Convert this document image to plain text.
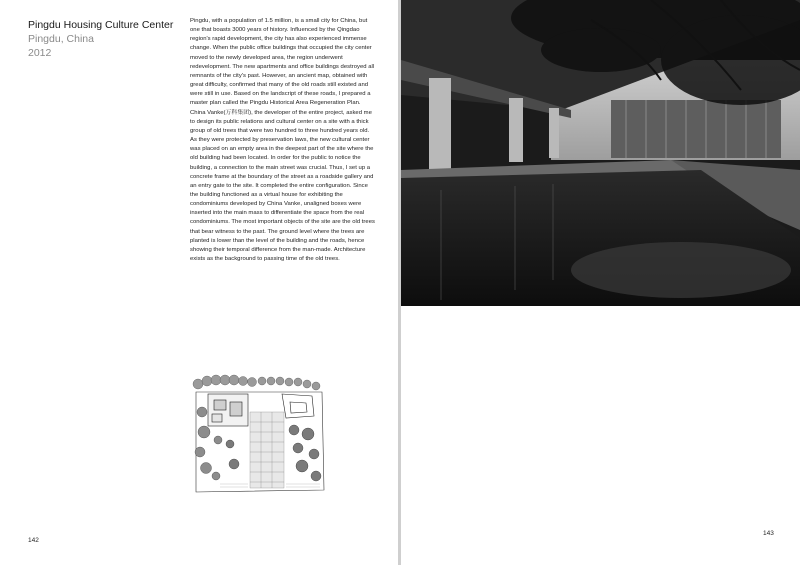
Pingdu Housing Culture Center
Pingdu, China
2012

Pingdu, with a population of 1.5 million, is a small city for China, but one that boasts 3000 years of history. Influenced by the Qingdao region's rapid development, the city has also experienced immense change. When the public office buildings that occupied the city center moved to the newly developed area, the region underwent redevelopment. The new apartments and office buildings destroyed all remnants of the city's past. However, an ancient map, obtained with great difficulty, confirmed that many of the old roads still existed and were still in use. Based on the landscript of these roads, I prepared a master plan called the Pingdu Historical Area Regeneration Plan. China Vanke(万科集团), the developer of the entire project, asked me to design its public relations and cultural center on a site with a thick group of old trees that were two hundred to three hundred years old. As they were protected by preservation laws, the new cultural center was placed on an empty area in the deepest part of the site where the old building had been located. In order for the public to notice the building, a connection to the main street was crucial. Thus, I set up a concrete frame at the boundary of the street as a roadside gallery and an entry gate to the site. It completed the entire configuration. Since the building functioned as a virtual house for exhibiting the condominiums developed by China Vanke, unaligned boxes were inserted into the main mass to differentiate the space from the real condominiums. The most important objects of the site are the old trees that bear witness to the past. The ground level where the trees are planted is lower than the level of the building and the roads, hence showing their temporal difference from the man-made. Architecture exists as the background to passing time of the old trees.

142
143
